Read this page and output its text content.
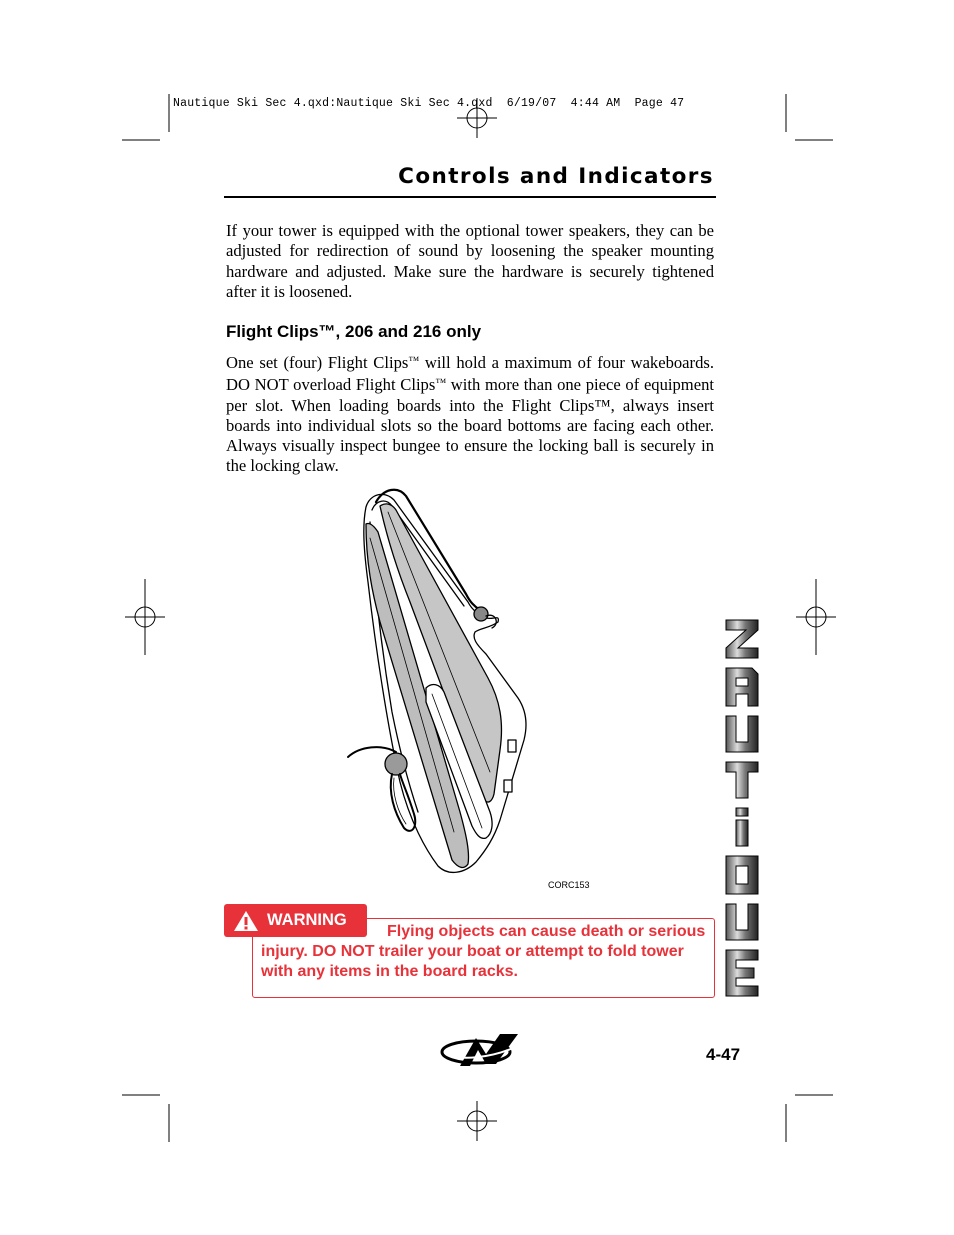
Nautique Ski Sec 4.qxd:Nautique Ski Sec 4.qxd  6/19/07  4:44 AM  Page 47
Controls and Indicators

If your tower is equipped with the optional tower speakers, they can be adjusted for redirection of sound by loosening the speaker mounting hardware and adjusted. Make sure the hardware is securely tightened after it is loosened.

Flight Clips™, 206 and 216 only

One set (four) Flight Clips™ will hold a maximum of four wakeboards. DO NOT overload Flight Clips™ with more than one piece of equipment per slot. When loading boards into the Flight Clips™, always insert boards into individual slots so the board bottoms are facing each other. Always visually inspect bungee to ensure the locking ball is securely in the locking claw.

CORC153
WARNING

Flying objects can cause death or serious injury. DO NOT trailer your boat or attempt to fold tower with any items in the board racks.

4-47
